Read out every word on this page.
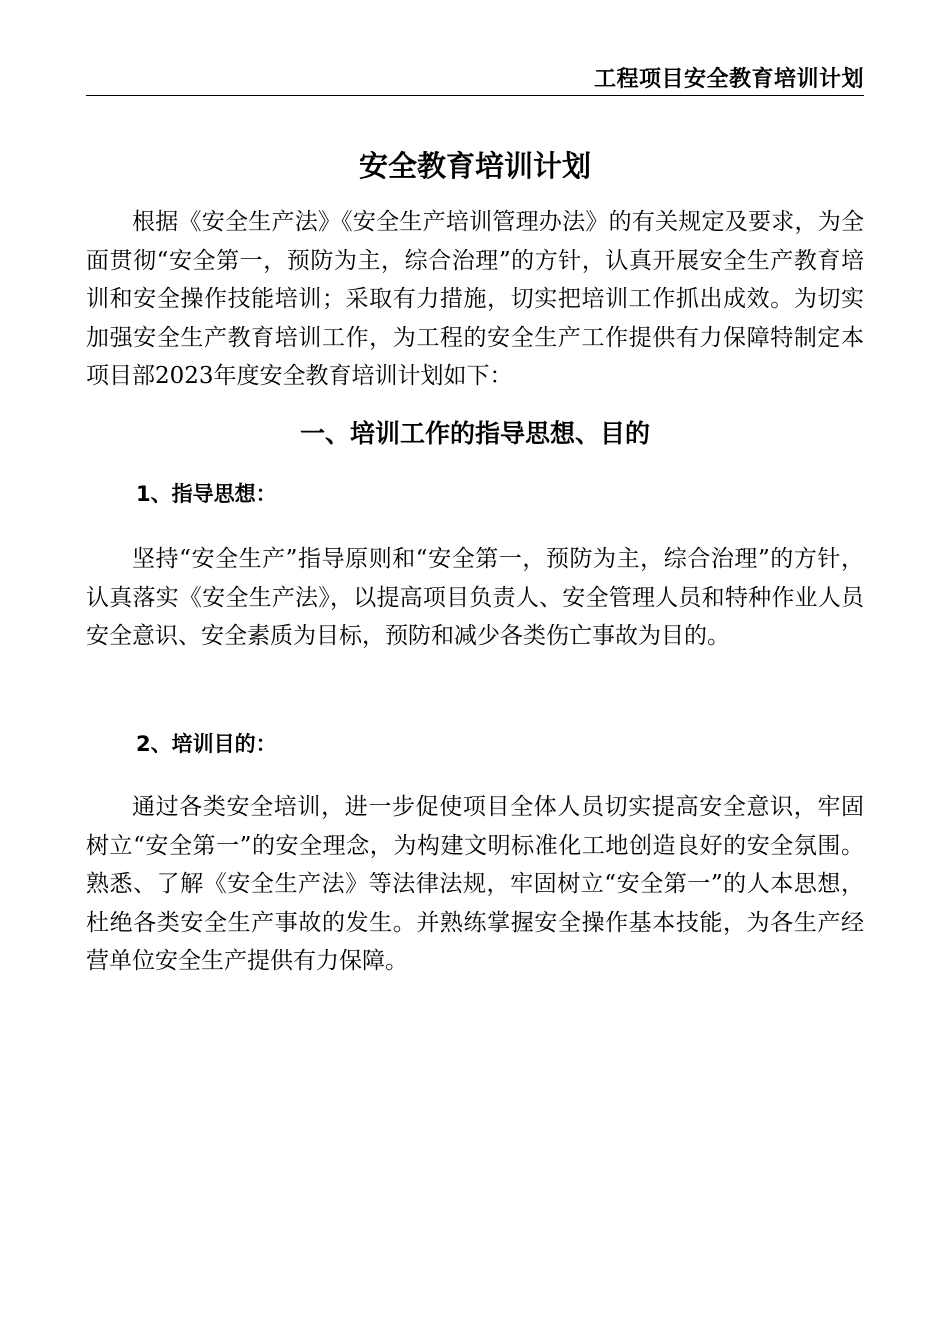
工程项目安全教育培训计划
安全教育培训计划

根据《安全生产法》《安全生产培训管理办法》的有关规定及要求，为全面贯彻“安全第一，预防为主，综合治理”的方针，认真开展安全生产教育培训和安全操作技能培训；采取有力措施，切实把培训工作抓出成效。为切实加强安全生产教育培训工作，为工程的安全生产工作提供有力保障特制定本项目部2023年度安全教育培训计划如下：

一、培训工作的指导思想、目的
1、指导思想：

坚持“安全生产”指导原则和“安全第一，预防为主，综合治理”的方针，认真落实《安全生产法》，以提高项目负责人、安全管理人员和特种作业人员安全意识、安全素质为目标，预防和减少各类伤亡事故为目的。

2、培训目的：

通过各类安全培训，进一步促使项目全体人员切实提高安全意识，牢固树立“安全第一”的安全理念，为构建文明标准化工地创造良好的安全氛围。熟悉、了解《安全生产法》等法律法规，牢固树立“安全第一”的人本思想，杜绝各类安全生产事故的发生。并熟练掌握安全操作基本技能，为各生产经营单位安全生产提供有力保障。
